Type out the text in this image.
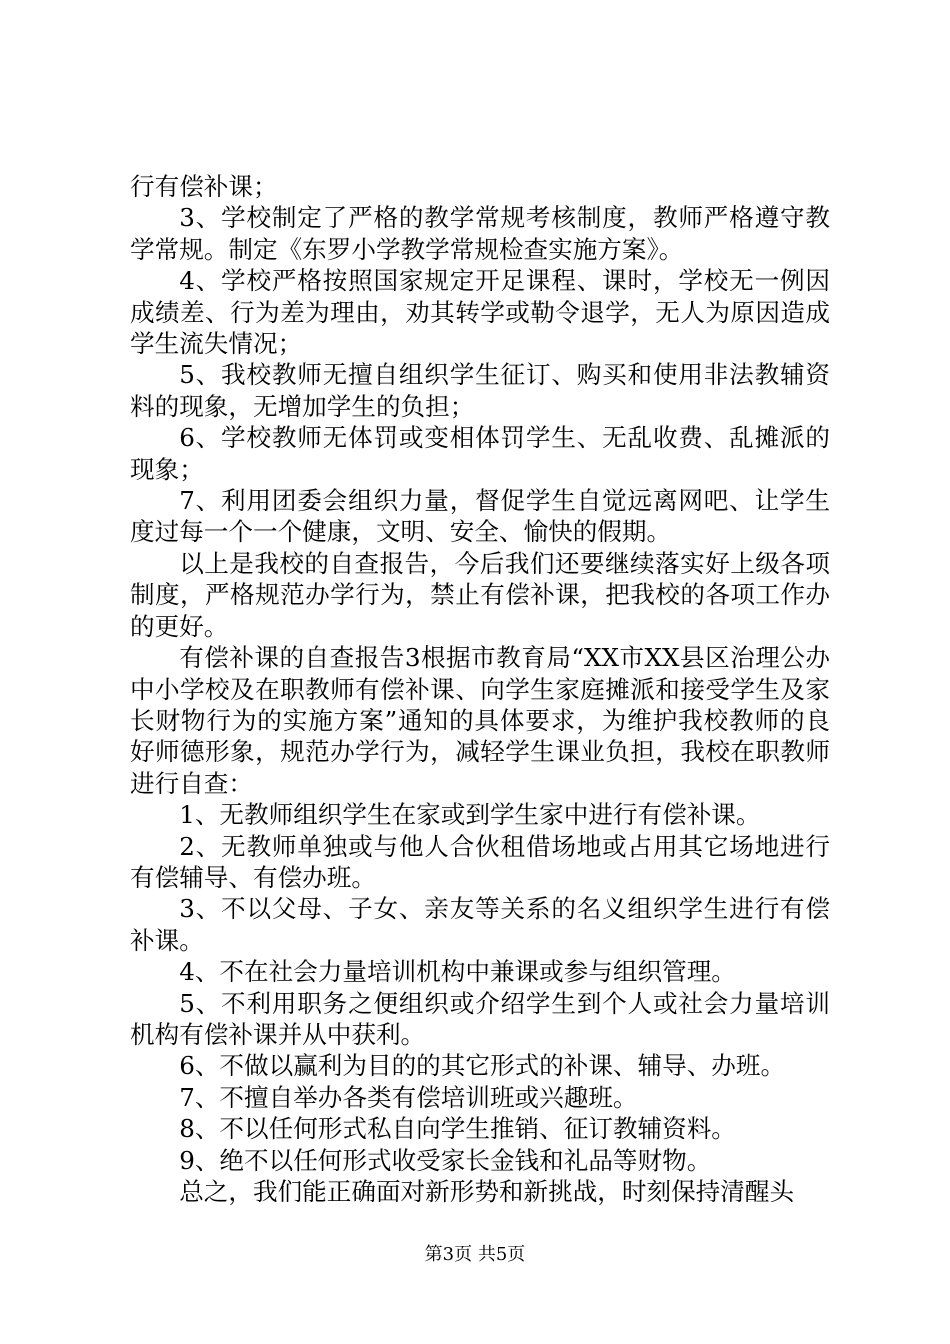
行有偿补课；

3、学校制定了严格的教学常规考核制度，教师严格遵守教学常规。制定《东罗小学教学常规检查实施方案》。

4、学校严格按照国家规定开足课程、课时，学校无一例因成绩差、行为差为理由，劝其转学或勒令退学，无人为原因造成学生流失情况；

5、我校教师无擅自组织学生征订、购买和使用非法教辅资料的现象，无增加学生的负担；

6、学校教师无体罚或变相体罚学生、无乱收费、乱摊派的现象；

7、利用团委会组织力量，督促学生自觉远离网吧、让学生度过每一个一个健康，文明、安全、愉快的假期。

以上是我校的自查报告，今后我们还要继续落实好上级各项制度，严格规范办学行为，禁止有偿补课，把我校的各项工作办的更好。

有偿补课的自查报告3根据市教育局“XX市XX县区治理公办中小学校及在职教师有偿补课、向学生家庭摊派和接受学生及家长财物行为的实施方案”通知的具体要求，为维护我校教师的良好师德形象，规范办学行为，减轻学生课业负担，我校在职教师进行自查：

1、无教师组织学生在家或到学生家中进行有偿补课。

2、无教师单独或与他人合伙租借场地或占用其它场地进行有偿辅导、有偿办班。

3、不以父母、子女、亲友等关系的名义组织学生进行有偿补课。

4、不在社会力量培训机构中兼课或参与组织管理。

5、不利用职务之便组织或介绍学生到个人或社会力量培训机构有偿补课并从中获利。

6、不做以赢利为目的的其它形式的补课、辅导、办班。

7、不擅自举办各类有偿培训班或兴趣班。

8、不以任何形式私自向学生推销、征订教辅资料。

9、绝不以任何形式收受家长金钱和礼品等财物。

总之，我们能正确面对新形势和新挑战，时刻保持清醒头

第3页 共5页
